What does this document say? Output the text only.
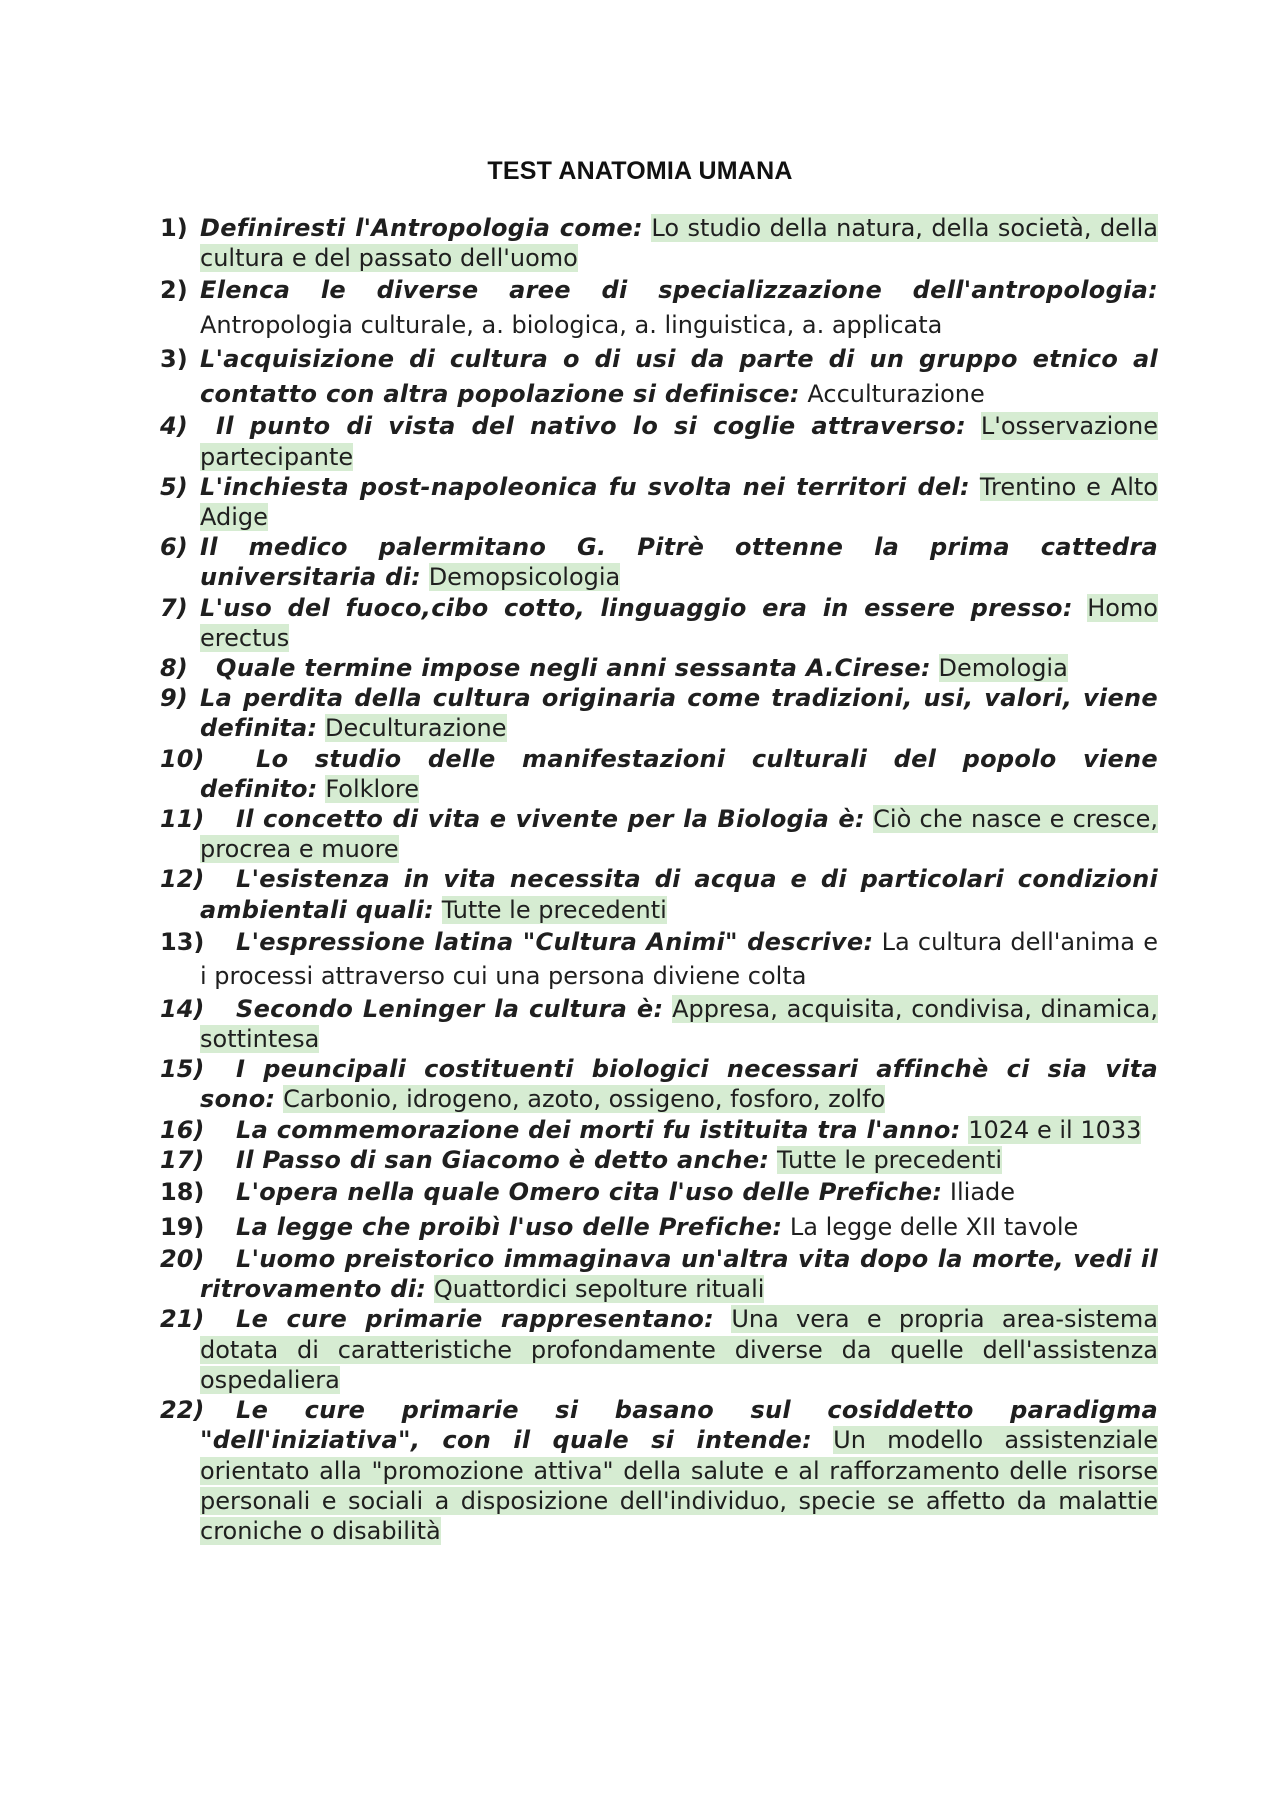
TEST ANATOMIA UMANA
1) Definiresti l'Antropologia come: Lo studio della natura, della società, della cultura e del passato dell'uomo
2) Elenca le diverse aree di specializzazione dell'antropologia: Antropologia culturale, a. biologica, a. linguistica, a. applicata
3) L'acquisizione di cultura o di usi da parte di un gruppo etnico al contatto con altra popolazione si definisce: Acculturazione
4) Il punto di vista del nativo lo si coglie attraverso: L'osservazione partecipante
5) L'inchiesta post-napoleonica fu svolta nei territori del: Trentino e Alto Adige
6) Il medico palermitano G. Pitrè ottenne la prima cattedra universitaria di: Demopsicologia
7) L'uso del fuoco,cibo cotto, linguaggio era in essere presso: Homo erectus
8) Quale termine impose negli anni sessanta A.Cirese: Demologia
9) La perdita della cultura originaria come tradizioni, usi, valori, viene definita: Deculturazione
10) Lo studio delle manifestazioni culturali del popolo viene definito: Folklore
11) Il concetto di vita e vivente per la Biologia è: Ciò che nasce e cresce, procrea e muore
12) L'esistenza in vita necessita di acqua e di particolari condizioni ambientali quali: Tutte le precedenti
13) L'espressione latina "Cultura Animi" descrive: La cultura dell'anima e i processi attraverso cui una persona diviene colta
14) Secondo Leninger la cultura è: Appresa, acquisita, condivisa, dinamica, sottintesa
15) I peuncipali costituenti biologici necessari affinchè ci sia vita sono: Carbonio, idrogeno, azoto, ossigeno, fosforo, zolfo
16) La commemorazione dei morti fu istituita tra l'anno: 1024 e il 1033
17) Il Passo di san Giacomo è detto anche: Tutte le precedenti
18) L'opera nella quale Omero cita l'uso delle Prefiche: Iliade
19) La legge che proibì l'uso delle Prefiche: La legge delle XII tavole
20) L'uomo preistorico immaginava un'altra vita dopo la morte, vedi il ritrovamento di: Quattordici sepolture rituali
21) Le cure primarie rappresentano: Una vera e propria area-sistema dotata di caratteristiche profondamente diverse da quelle dell'assistenza ospedaliera
22) Le cure primarie si basano sul cosiddetto paradigma "dell'iniziativa", con il quale si intende: Un modello assistenziale orientato alla "promozione attiva" della salute e al rafforzamento delle risorse personali e sociali a disposizione dell'individuo, specie se affetto da malattie croniche o disabilità
